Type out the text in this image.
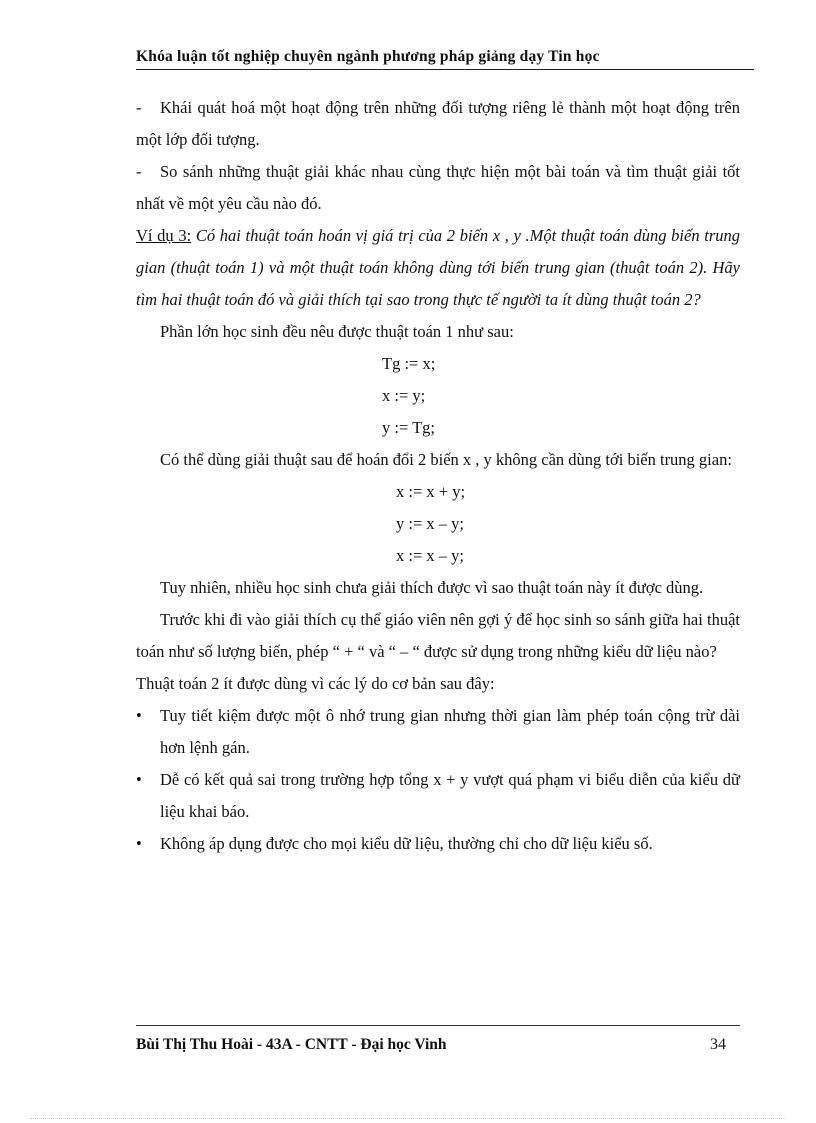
Khóa luận tốt nghiệp chuyên ngành phương pháp giảng dạy Tin học

- Khái quát hoá một hoạt động trên những đối tượng riêng lẻ thành một hoạt động trên một lớp đối tượng.

- So sánh những thuật giải khác nhau cùng thực hiện một bài toán và tìm thuật giải tốt nhất về một yêu cầu nào đó.

Ví dụ 3: Có hai thuật toán hoán vị giá trị của 2 biến x , y .Một thuật toán dùng biến trung gian (thuật toán 1) và một thuật toán không dùng tới biến trung gian (thuật toán 2). Hãy tìm hai thuật toán đó và giải thích tại sao trong thực tế người ta ít dùng thuật toán 2?

Phần lớn học sinh đều nêu được thuật toán 1 như sau:

Tg := x;

x := y;

y := Tg;

Có thể dùng giải thuật sau để hoán đổi 2 biến x , y không cần dùng tới biến trung gian:

x := x + y;

y := x – y;

x := x – y;

Tuy nhiên, nhiều học sinh chưa giải thích được vì sao thuật toán này ít được dùng.

Trước khi đi vào giải thích cụ thể giáo viên nên gợi ý để học sinh so sánh giữa hai thuật toán như số lượng biến, phép “ + “ và “ – “ được sử dụng trong những kiểu dữ liệu nào?

Thuật toán 2 ít được dùng vì các lý do cơ bản sau đây:

•	Tuy tiết kiệm được một ô nhớ trung gian nhưng thời gian làm phép toán cộng trừ dài hơn lệnh gán.
•	Dễ có kết quả sai trong trường hợp tổng x + y vượt quá phạm vi biểu diễn của kiểu dữ liệu khai báo.
•	Không áp dụng được cho mọi kiểu dữ liệu, thường chỉ cho dữ liệu kiểu số.
Bùi Thị Thu Hoài - 43A - CNTT - Đại học Vinh	34
